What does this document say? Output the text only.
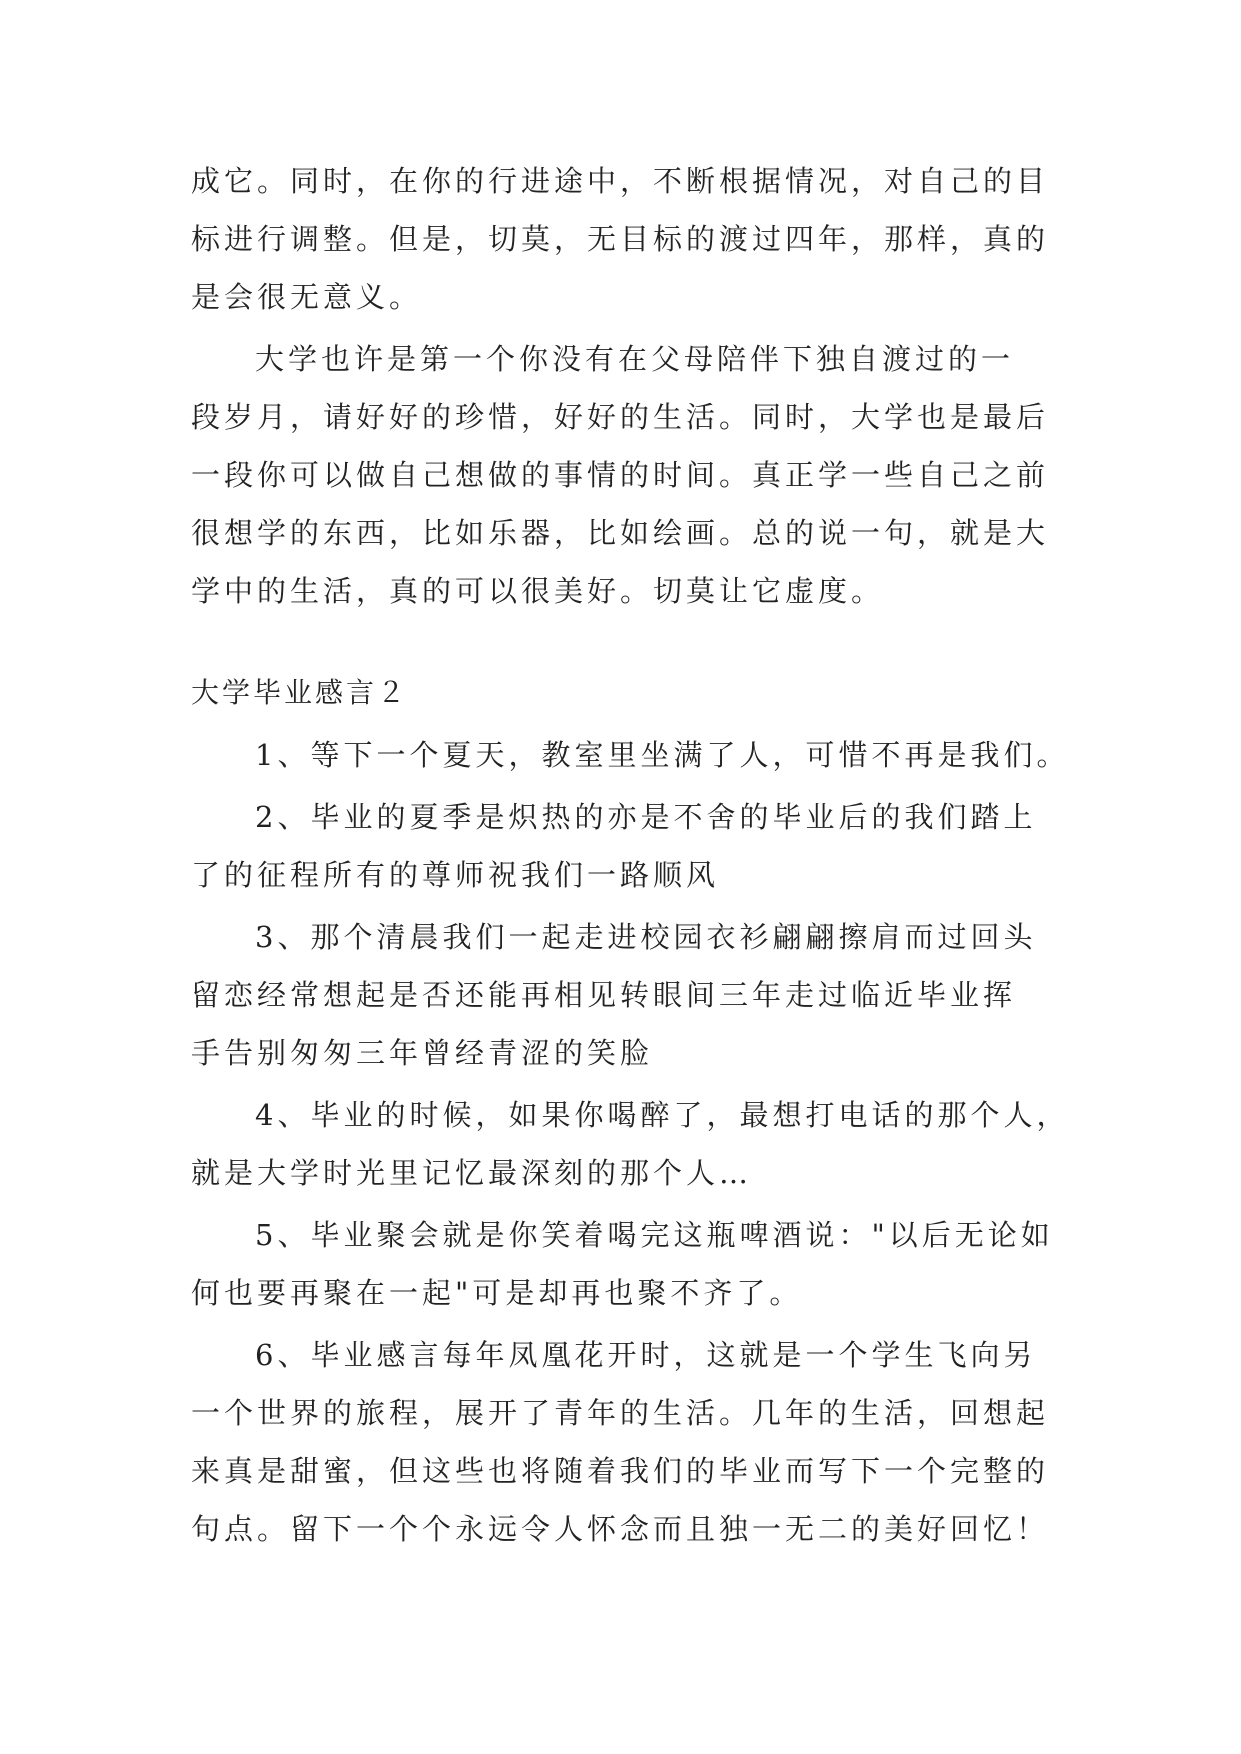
成它。同时，在你的行进途中，不断根据情况，对自己的目
标进行调整。但是，切莫，无目标的渡过四年，那样，真的
是会很无意义。
大学也许是第一个你没有在父母陪伴下独自渡过的一
段岁月，请好好的珍惜，好好的生活。同时，大学也是最后
一段你可以做自己想做的事情的时间。真正学一些自己之前
很想学的东西，比如乐器，比如绘画。总的说一句，就是大
学中的生活，真的可以很美好。切莫让它虚度。
大学毕业感言２
1、等下一个夏天，教室里坐满了人，可惜不再是我们。
2、毕业的夏季是炽热的亦是不舍的毕业后的我们踏上
了的征程所有的尊师祝我们一路顺风
3、那个清晨我们一起走进校园衣衫翩翩擦肩而过回头
留恋经常想起是否还能再相见转眼间三年走过临近毕业挥
手告别匆匆三年曾经青涩的笑脸
4、毕业的时候，如果你喝醉了，最想打电话的那个人，
就是大学时光里记忆最深刻的那个人…
5、毕业聚会就是你笑着喝完这瓶啤酒说："以后无论如
何也要再聚在一起"可是却再也聚不齐了。
6、毕业感言每年凤凰花开时，这就是一个学生飞向另
一个世界的旅程，展开了青年的生活。几年的生活，回想起
来真是甜蜜，但这些也将随着我们的毕业而写下一个完整的
句点。留下一个个永远令人怀念而且独一无二的美好回忆！
